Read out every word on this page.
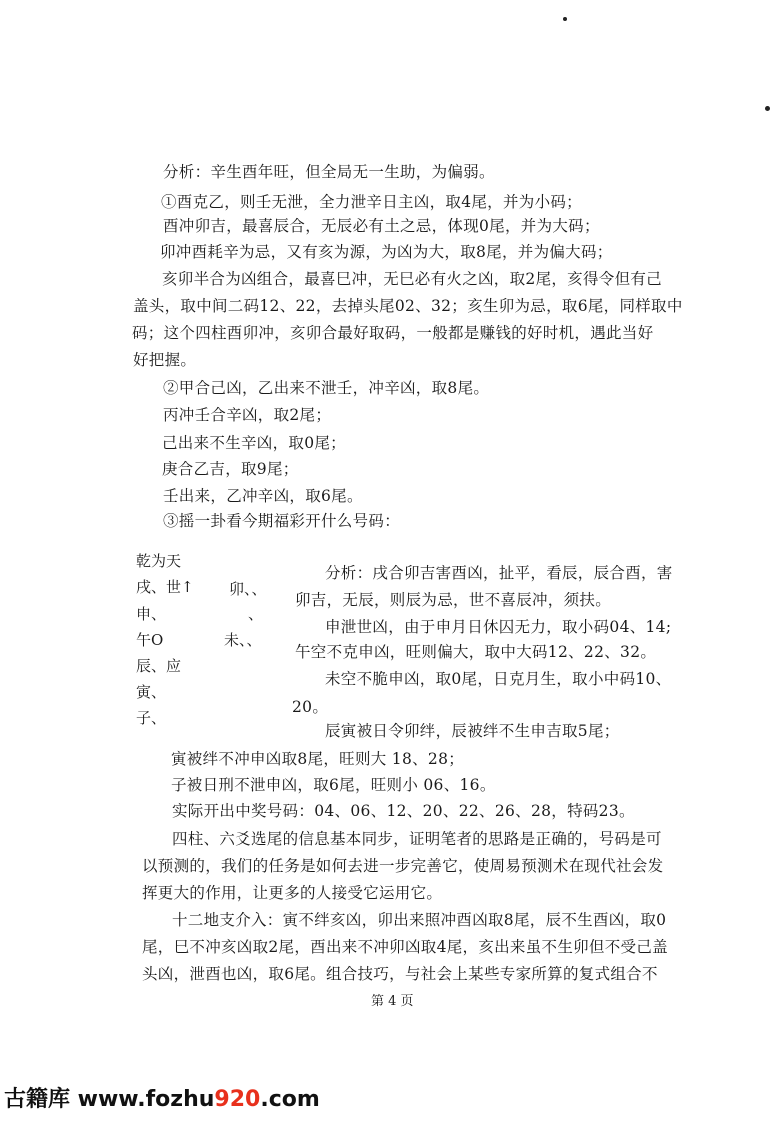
分析：辛生酉年旺，但全局无一生助，为偏弱。
①酉克乙，则壬无泄，全力泄辛日主凶，取4尾，并为小码；
酉冲卯吉，最喜辰合，无辰必有土之忌，体现0尾，并为大码；
卯冲酉耗辛为忌，又有亥为源，为凶为大，取8尾，并为偏大码；
亥卯半合为凶组合，最喜巳冲，无巳必有火之凶，取2尾，亥得令但有己
盖头，取中间二码12、22，去掉头尾02、32；亥生卯为忌，取6尾，同样取中
码；这个四柱酉卯冲，亥卯合最好取码，一般都是赚钱的好时机，遇此当好
好把握。
②甲合己凶，乙出来不泄壬，冲辛凶，取8尾。
丙冲壬合辛凶，取2尾；
己出来不生辛凶，取0尾；
庚合乙吉，取9尾；
壬出来，乙冲辛凶，取6尾。
③摇一卦看今期福彩开什么号码：
乾为天
戌、世↑ 卯、、
申、	、
午O	未、、
辰、应
寅、
子、
分析：戌合卯吉害酉凶，扯平，看辰，辰合酉，害
卯吉，无辰，则辰为忌，世不喜辰冲，须扶。
申泄世凶，由于申月日休囚无力，取小码04、14;
午空不克申凶，旺则偏大，取中大码12、22、32。
未空不脆申凶，取0尾，日克月生，取小中码10、
20。
辰寅被日令卯绊，辰被绊不生申吉取5尾；
寅被绊不冲申凶取8尾，旺则大 18、28；
子被日刑不泄申凶，取6尾，旺则小 06、16。
实际开出中奖号码：04、06、12、20、22、26、28，特码23。
四柱、六爻选尾的信息基本同步，证明笔者的思路是正确的，号码是可
以预测的，我们的任务是如何去进一步完善它，使周易预测术在现代社会发
挥更大的作用，让更多的人接受它运用它。
十二地支介入：寅不绊亥凶，卯出来照冲酉凶取8尾，辰不生酉凶，取0
尾，巳不冲亥凶取2尾，酉出来不冲卯凶取4尾，亥出来虽不生卯但不受己盖
头凶，泄酉也凶，取6尾。组合技巧，与社会上某些专家所算的复式组合不
第 4 页
古籍库 www.fozhu920.com
